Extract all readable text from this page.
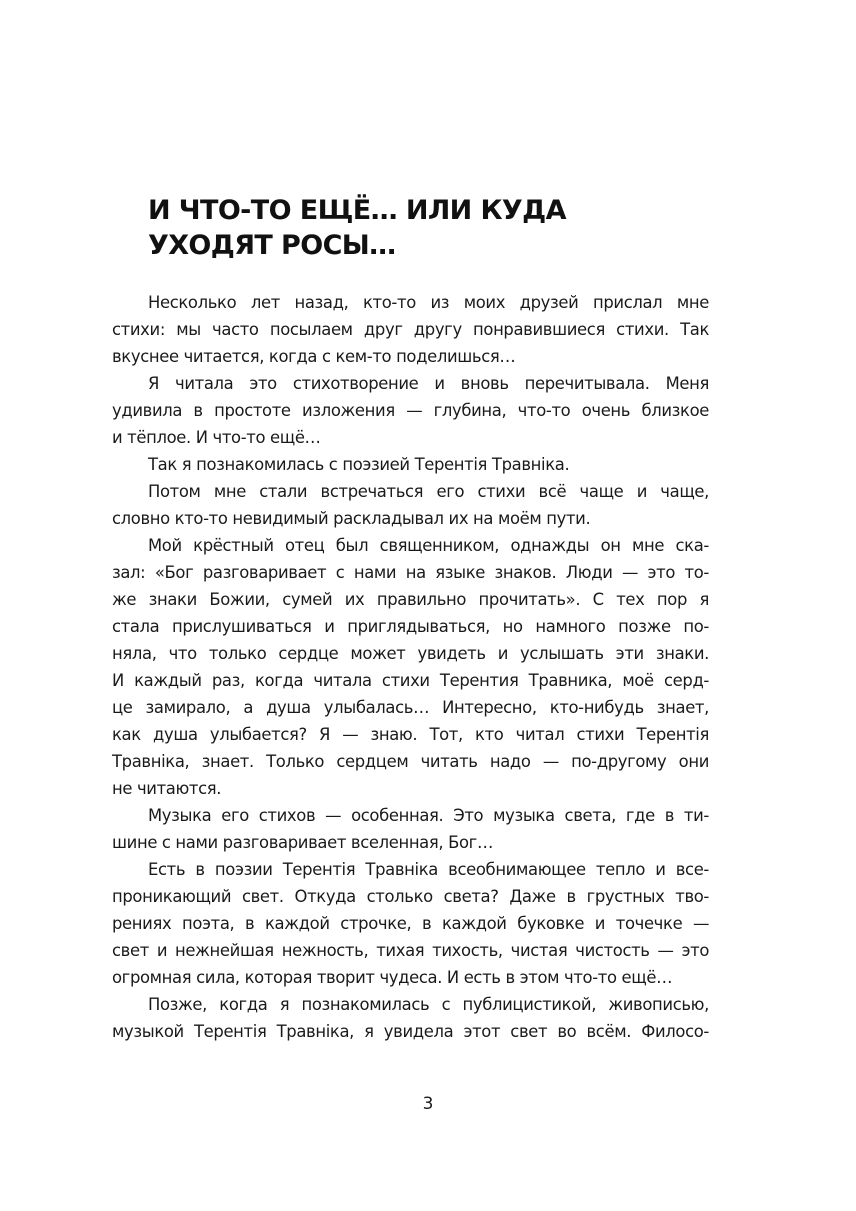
И ЧТО-ТО ЕЩЁ… ИЛИ КУДА
УХОДЯТ РОСЫ…
Несколько лет назад, кто-то из моих друзей прислал мне
стихи: мы часто посылаем друг другу понравившиеся стихи. Так
вкуснее читается, когда с кем-то поделишься…
Я читала это стихотворение и вновь перечитывала. Меня
удивила в простоте изложения — глубина, что-то очень близкое
и тёплое. И что-то ещё…
Так я познакомилась с поэзией Терентiя Травнiка.
Потом мне стали встречаться его стихи всё чаще и чаще,
словно кто-то невидимый раскладывал их на моём пути.
Мой крёстный отец был священником, однажды он мне ска-
зал: «Бог разговаривает с нами на языке знаков. Люди — это то-
же знаки Божии, сумей их правильно прочитать». С тех пор я
стала прислушиваться и приглядываться, но намного позже по-
няла, что только сердце может увидеть и услышать эти знаки.
И каждый раз, когда читала стихи Терентия Травника, моё серд-
це замирало, а душа улыбалась… Интересно, кто-нибудь знает,
как душа улыбается? Я — знаю. Тот, кто читал стихи Терентiя
Травнiка, знает. Только сердцем читать надо — по-другому они
не читаются.
Музыка его стихов — особенная. Это музыка света, где в ти-
шине с нами разговаривает вселенная, Бог…
Есть в поэзии Терентiя Травнiка всеобнимающее тепло и все-
проникающий свет. Откуда столько света? Даже в грустных тво-
рениях поэта, в каждой строчке, в каждой буковке и точечке —
свет и нежнейшая нежность, тихая тихость, чистая чистость — это
огромная сила, которая творит чудеса. И есть в этом что-то ещё…
Позже, когда я познакомилась с публицистикой, живописью,
музыкой Терентiя Травнiка, я увидела этот свет во всём. Филосо-
3
